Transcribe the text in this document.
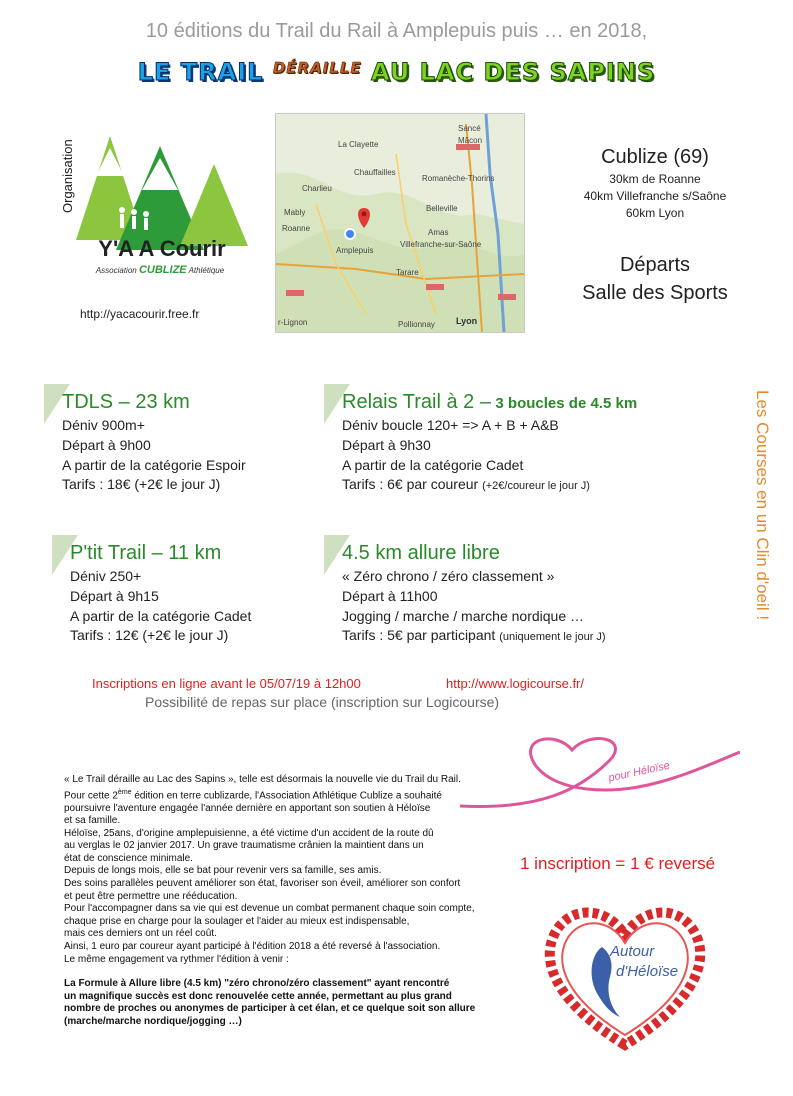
10 éditions du Trail du Rail à Amplepuis puis … en 2018,
LE TRAIL $^{DÉRAILLE}$ AU LAC DES SAPINS
Organisation
Y'A A Courir
Association CUBLIZE Athlétique
http://yacacourir.free.fr
Sancé
Mâcon
La Clayette
Chauffailles
Romanèche-Thorins
Charlieu
Belleville
Mably
Roanne
Amplepuis
Amas
Villefranche-sur-Saône
Tarare
Lyon
r-Lignon	Pollionnay
Cublize (69)
30km de Roanne
40km Villefranche s/Saône
60km Lyon
Départs
Salle des Sports
TDLS – 23 km
Déniv 900m+
Départ à 9h00
A partir de la catégorie Espoir
Tarifs : 18€ (+2€ le jour J)
Relais Trail à 2 – 3 boucles de 4.5 km
Déniv boucle 120+ => A + B + A&B
Départ à 9h30
A partir de la catégorie Cadet
Tarifs : 6€ par coureur (+2€/coureur le jour J)
P'tit Trail – 11 km
Déniv 250+
Départ à 9h15
A partir de la catégorie Cadet
Tarifs : 12€ (+2€ le jour J)
4.5 km allure libre
« Zéro chrono / zéro classement »
Départ à 11h00
Jogging / marche / marche nordique …
Tarifs : 5€ par participant (uniquement le jour J)
Les Courses en un Clin d'oeil !
Inscriptions en ligne avant le 05/07/19 à 12h00	http://www.logicourse.fr/
Possibilité de repas sur place (inscription sur Logicourse)
pour Héloïse
« Le Trail déraille au Lac des Sapins », telle est désormais la nouvelle vie du Trail du Rail.
Pour cette 2ème édition en terre cublizarde, l'Association Athlétique Cublize a souhaité
poursuivre l'aventure engagée l'année dernière en apportant son soutien à Héloïse
et sa famille.
Héloïse, 25ans, d'origine amplepuisienne, a été victime d'un accident de la route dû
au verglas le 02 janvier 2017. Un grave traumatisme crânien la maintient dans un
état de conscience minimale.
Depuis de longs mois, elle se bat pour revenir vers sa famille, ses amis.
Des soins parallèles peuvent améliorer son état, favoriser son éveil, améliorer son confort
et peut être permettre une rééducation.
Pour l'accompagner dans sa vie qui est devenue un combat permanent chaque soin compte,
chaque prise en charge pour la soulager et l'aider au mieux est indispensable,
mais ces derniers ont un réel coût.
Ainsi, 1 euro par coureur ayant participé à l'édition 2018 a été reversé à l'association.
Le même engagement va rythmer l'édition à venir :
La Formule à Allure libre (4.5 km) "zéro chrono/zéro classement" ayant rencontré
un magnifique succès est donc renouvelée cette année, permettant au plus grand
nombre de proches ou anonymes de participer à cet élan, et ce quelque soit son allure
(marche/marche nordique/jogging …)
1 inscription = 1 € reversé
Autour
d'Héloïse
